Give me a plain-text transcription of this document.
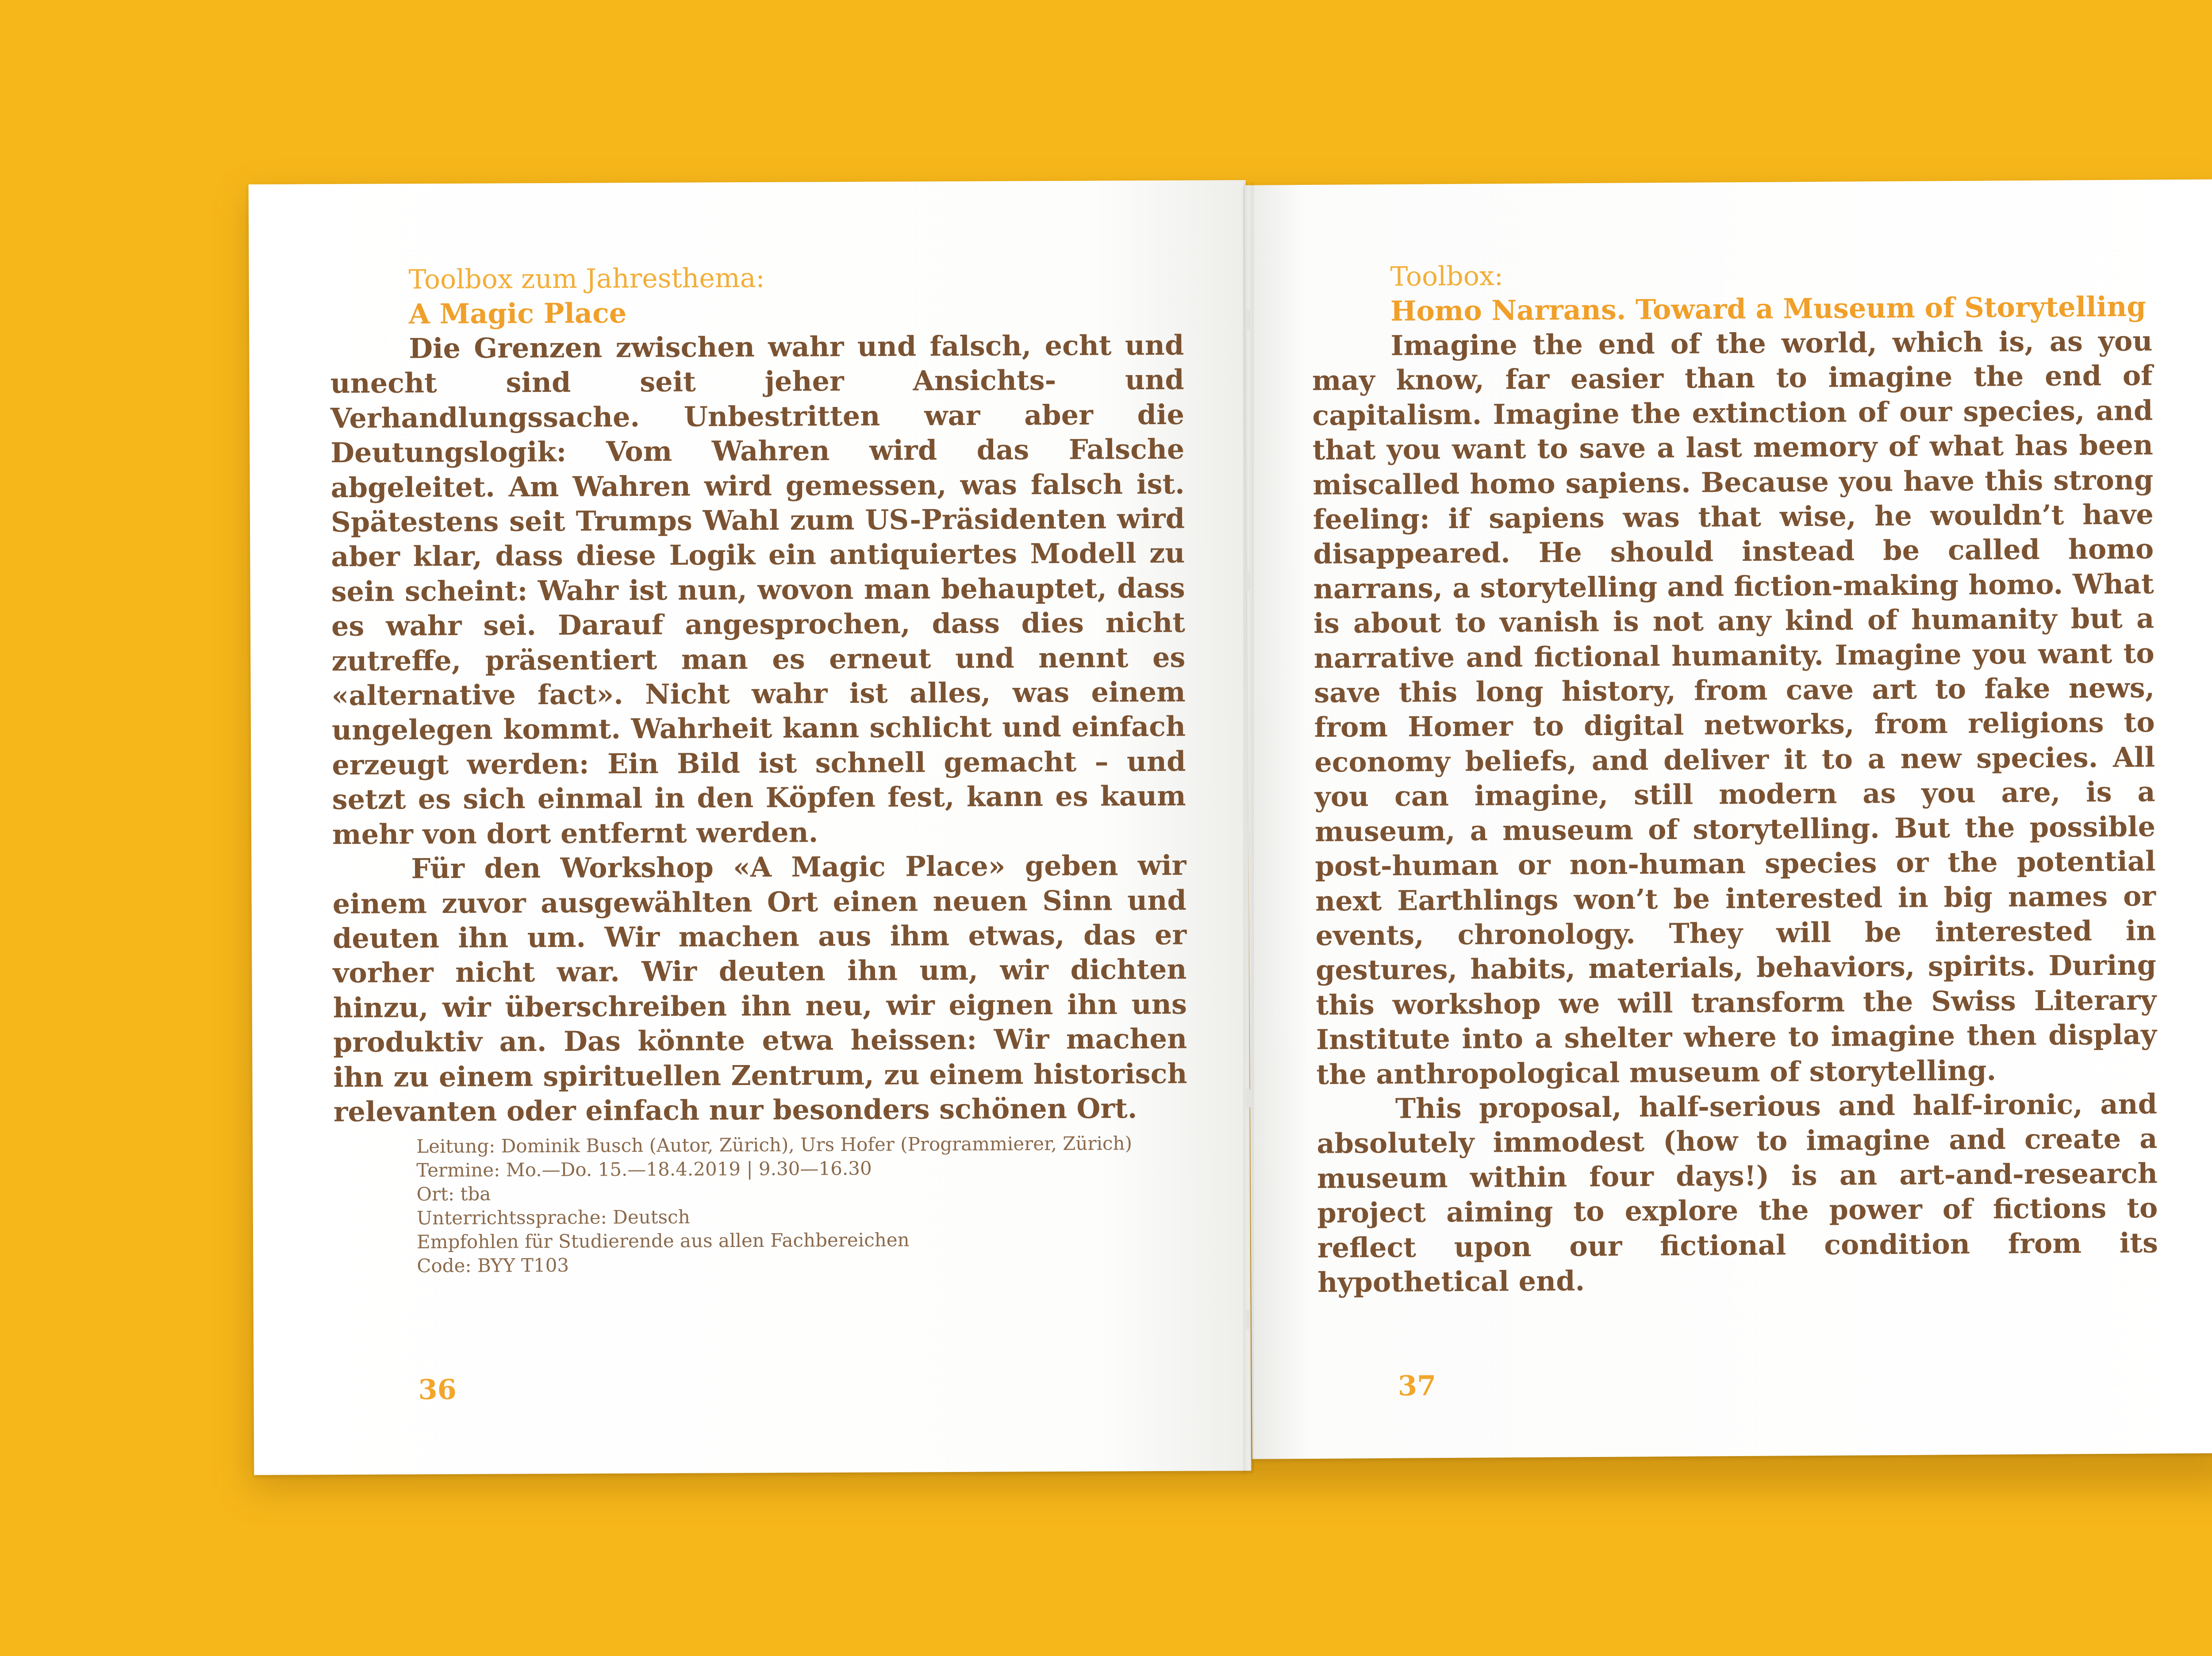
Toolbox zum Jahresthema:
A Magic Place

Die Grenzen zwischen wahr und falsch, echt und unecht sind seit jeher Ansichts- und Verhandlungssache. Unbestritten war aber die Deutungslogik: Vom Wahren wird das Falsche abgeleitet. Am Wahren wird gemessen, was falsch ist. Spätestens seit Trumps Wahl zum US-Präsidenten wird aber klar, dass diese Logik ein antiquiertes Modell zu sein scheint: Wahr ist nun, wovon man behauptet, dass es wahr sei. Darauf angesprochen, dass dies nicht zutreffe, präsentiert man es erneut und nennt es «alternative fact». Nicht wahr ist alles, was einem ungelegen kommt. Wahrheit kann schlicht und einfach erzeugt werden: Ein Bild ist schnell gemacht – und setzt es sich einmal in den Köpfen fest, kann es kaum mehr von dort entfernt werden.

Für den Workshop «A Magic Place» geben wir einem zuvor ausgewählten Ort einen neuen Sinn und deuten ihn um. Wir machen aus ihm etwas, das er vorher nicht war. Wir deuten ihn um, wir dichten hinzu, wir überschreiben ihn neu, wir eignen ihn uns produktiv an. Das könnte etwa heissen: Wir machen ihn zu einem spirituellen Zentrum, zu einem historisch relevanten oder einfach nur besonders schönen Ort.

Leitung: Dominik Busch (Autor, Zürich), Urs Hofer (Programmierer, Zürich)
Termine: Mo.—Do. 15.—18.4.2019 | 9.30—16.30
Ort: tba
Unterrichtssprache: Deutsch
Empfohlen für Studierende aus allen Fachbereichen
Code: BYY T103
36
Toolbox:
Homo Narrans. Toward a Museum of Storytelling

Imagine the end of the world, which is, as you may know, far easier than to imagine the end of capitalism. Imagine the extinction of our species, and that you want to save a last memory of what has been miscalled homo sapiens. Because you have this strong feeling: if sapiens was that wise, he wouldn’t have disappeared. He should instead be called homo narrans, a storytelling and fiction-making homo. What is about to vanish is not any kind of humanity but a narrative and fictional humanity. Imagine you want to save this long history, from cave art to fake news, from Homer to digital networks, from religions to economy beliefs, and deliver it to a new species. All you can imagine, still modern as you are, is a museum, a museum of storytelling. But the possible post-human or non-human species or the potential next Earthlings won’t be interested in big names or events, chronology. They will be interested in gestures, habits, materials, behaviors, spirits. During this workshop we will transform the Swiss Literary Institute into a shelter where to imagine then display the anthropological museum of storytelling.

This proposal, half-serious and half-ironic, and absolutely immodest (how to imagine and create a museum within four days!) is an art-and-research project aiming to explore the power of fictions to reflect upon our fictional condition from its hypothetical end.

37
